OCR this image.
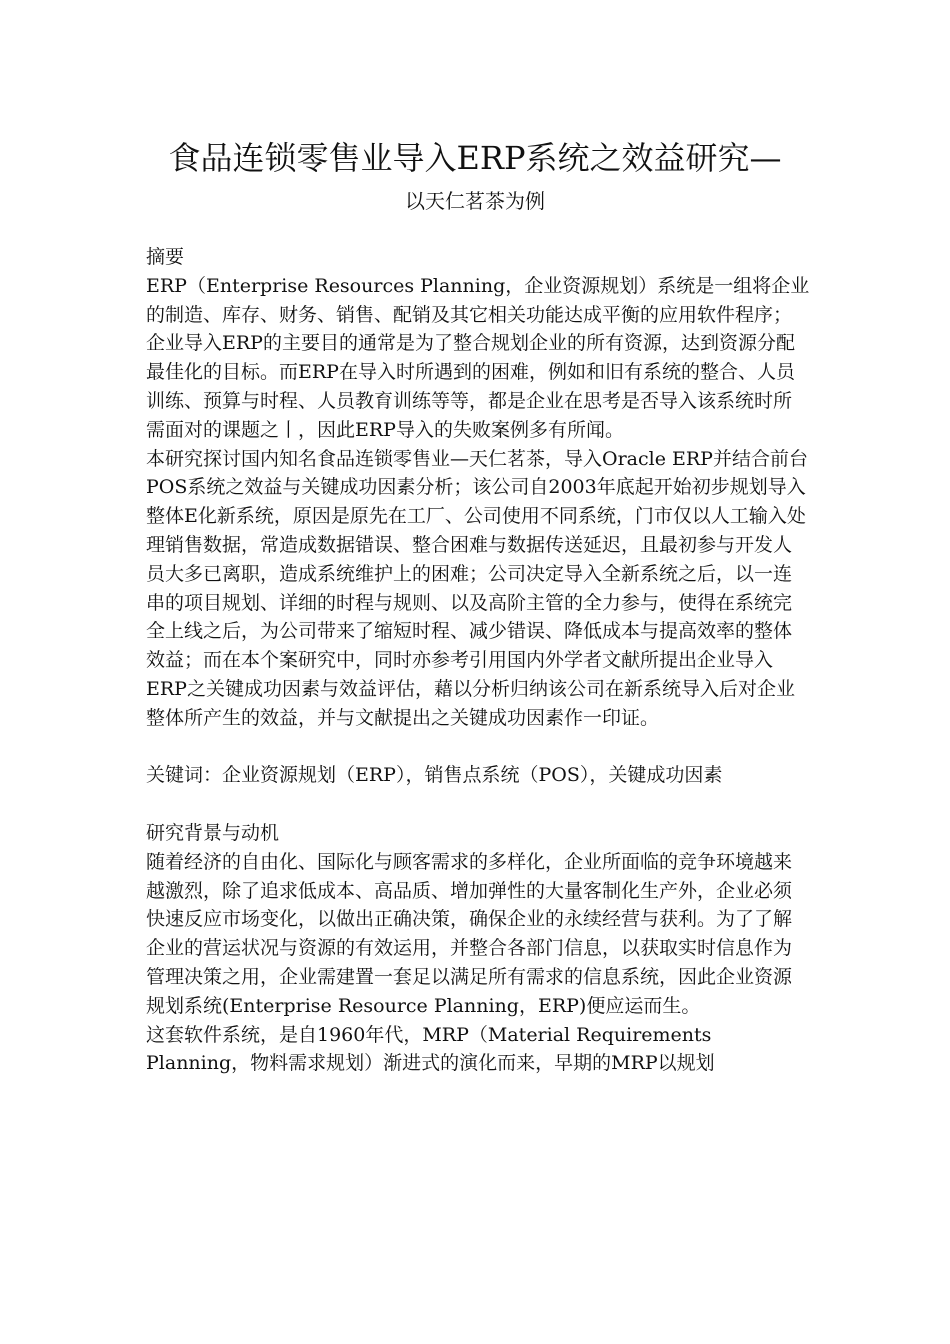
食品连锁零售业导入ERP系统之效益研究—
以天仁茗茶为例

摘要

ERP（Enterprise Resources Planning，企业资源规划）系统是一组将企业的制造、库存、财务、销售、配销及其它相关功能达成平衡的应用软件程序；企业导入ERP的主要目的通常是为了整合规划企业的所有资源，达到资源分配最佳化的目标。而ERP在导入时所遇到的困难，例如和旧有系统的整合、人员训练、预算与时程、人员教育训练等等，都是企业在思考是否导入该系统时所需面对的课题之丨，因此ERP导入的失败案例多有所闻。

本研究探讨国内知名食品连锁零售业—天仁茗茶，导入Oracle ERP并结合前台POS系统之效益与关键成功因素分析；该公司自2003年底起开始初步规划导入整体E化新系统，原因是原先在工厂、公司使用不同系统，门市仅以人工输入处理销售数据，常造成数据错误、整合困难与数据传送延迟，且最初参与开发人员大多已离职，造成系统维护上的困难；公司决定导入全新系统之后，以一连串的项目规划、详细的时程与规则、以及高阶主管的全力参与，使得在系统完全上线之后，为公司带来了缩短时程、减少错误、降低成本与提高效率的整体效益；而在本个案研究中，同时亦参考引用国内外学者文献所提出企业导入ERP之关键成功因素与效益评估，藉以分析归纳该公司在新系统导入后对企业整体所产生的效益，并与文献提出之关键成功因素作一印证。

关键词：企业资源规划（ERP），销售点系统（POS），关键成功因素

研究背景与动机

随着经济的自由化、国际化与顾客需求的多样化，企业所面临的竞争环境越来越激烈，除了追求低成本、高品质、增加弹性的大量客制化生产外，企业必须快速反应市场变化，以做出正确决策，确保企业的永续经营与获利。为了了解企业的营运状况与资源的有效运用，并整合各部门信息，以获取实时信息作为管理决策之用，企业需建置一套足以满足所有需求的信息系统，因此企业资源规划系统(Enterprise Resource Planning，ERP)便应运而生。

这套软件系统，是自1960年代，MRP（Material Requirements Planning，物料需求规划）渐进式的演化而来，早期的MRP以规划
